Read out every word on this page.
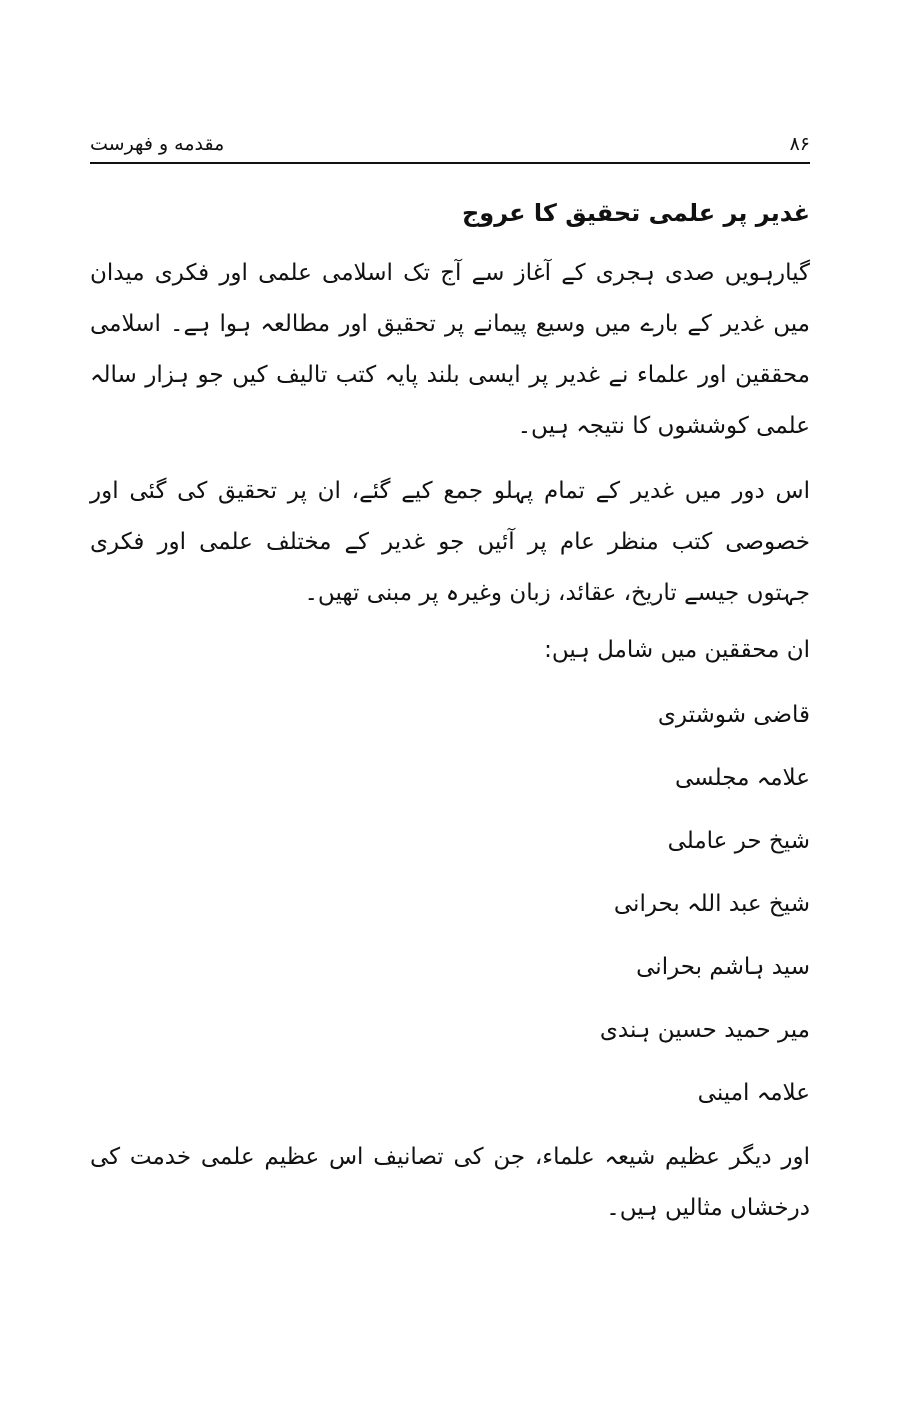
۸۶
مقدمه و فهرست
غدیر پر علمی تحقیق کا عروج

گیارہویں صدی ہجری کے آغاز سے آج تک اسلامی علمی اور فکری میدان میں غدیر کے بارے میں وسیع پیمانے پر تحقیق اور مطالعہ ہوا ہے۔ اسلامی محققین اور علماء نے غدیر پر ایسی بلند پایہ کتب تالیف کیں جو ہزار سالہ علمی کوششوں کا نتیجہ ہیں۔

اس دور میں غدیر کے تمام پہلو جمع کیے گئے، ان پر تحقیق کی گئی اور خصوصی کتب منظر عام پر آئیں جو غدیر کے مختلف علمی اور فکری جہتوں جیسے تاریخ، عقائد، زبان وغیرہ پر مبنی تھیں۔

ان محققین میں شامل ہیں:

قاضی شوشتری
علامہ مجلسی
شیخ حر عاملی
شیخ عبد اللہ بحرانی
سید ہاشم بحرانی
میر حمید حسین ہندی
علامہ امینی

اور دیگر عظیم شیعہ علماء، جن کی تصانیف اس عظیم علمی خدمت کی درخشاں مثالیں ہیں۔
